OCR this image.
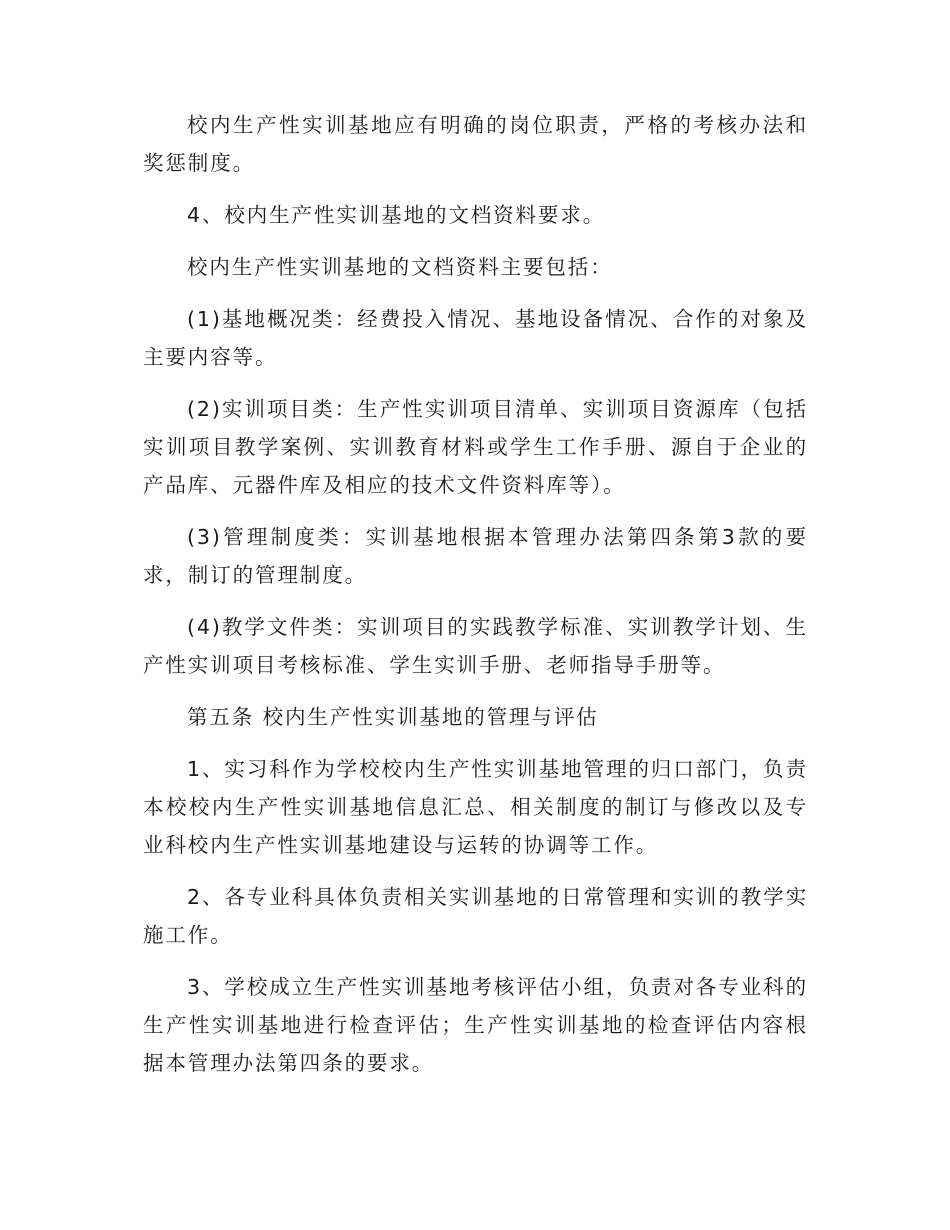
校内生产性实训基地应有明确的岗位职责，严格的考核办法和奖惩制度。

4、校内生产性实训基地的文档资料要求。

校内生产性实训基地的文档资料主要包括：

(1)基地概况类：经费投入情况、基地设备情况、合作的对象及主要内容等。

(2)实训项目类：生产性实训项目清单、实训项目资源库（包括实训项目教学案例、实训教育材料或学生工作手册、源自于企业的产品库、元器件库及相应的技术文件资料库等）。

(3)管理制度类：实训基地根据本管理办法第四条第3款的要求，制订的管理制度。

(4)教学文件类：实训项目的实践教学标准、实训教学计划、生产性实训项目考核标准、学生实训手册、老师指导手册等。

第五条 校内生产性实训基地的管理与评估

1、实习科作为学校校内生产性实训基地管理的归口部门，负责本校校内生产性实训基地信息汇总、相关制度的制订与修改以及专业科校内生产性实训基地建设与运转的协调等工作。

2、各专业科具体负责相关实训基地的日常管理和实训的教学实施工作。

3、学校成立生产性实训基地考核评估小组，负责对各专业科的生产性实训基地进行检查评估；生产性实训基地的检查评估内容根据本管理办法第四条的要求。
